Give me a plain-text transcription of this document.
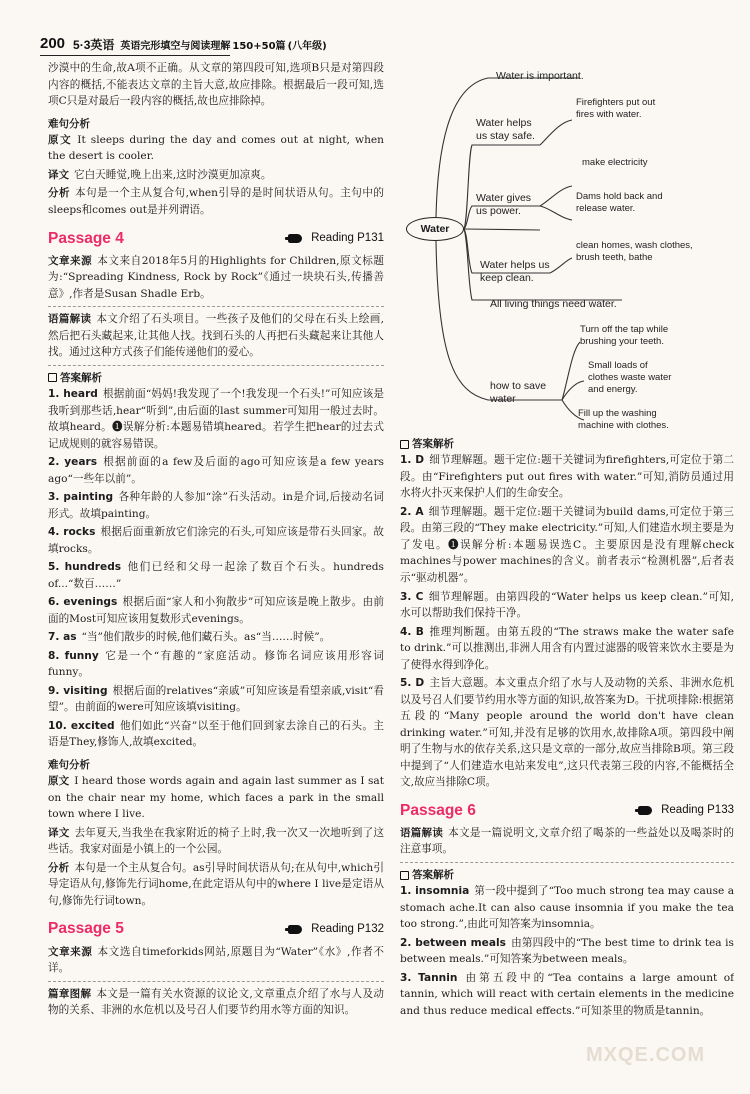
200 5·3英语 英语完形填空与阅读理解 150+50篇 (八年级)

沙漠中的生命,故A项不正确。从文章的第四段可知,选项B只是对第四段内容的概括,不能表达文章的主旨大意,故应排除。根据最后一段可知,选项C只是对最后一段内容的概括,故也应排除掉。

难句分析

原文 It sleeps during the day and comes out at night, when the desert is cooler.

译文 它白天睡觉,晚上出来,这时沙漠更加凉爽。

分析 本句是一个主从复合句,when引导的是时间状语从句。主句中的sleeps和comes out是并列谓语。

Passage 4	Reading P131

文章来源 本文来自2018年5月的Highlights for Children,原文标题为:“Spreading Kindness, Rock by Rock”《通过一块块石头,传播善意》,作者是Susan Shadle Erb。

语篇解读 本文介绍了石头项目。一些孩子及他们的父母在石头上绘画,然后把石头藏起来,让其他人找。找到石头的人再把石头藏起来让其他人找。通过这种方式孩子们能传递他们的爱心。

答案解析

1. heard 根据前面“妈妈!我发现了一个!我发现一个石头!”可知应该是我听到那些话,hear“听到”,由后面的last summer可知用一般过去时。故填heard。❶误解分析:本题易错填heared。若学生把hear的过去式记成规则的就容易错误。

2. years 根据前面的a few及后面的ago可知应该是a few years ago“一些年以前”。

3. painting 各种年龄的人参加“涂”石头活动。in是介词,后接动名词形式。故填painting。

4. rocks 根据后面重新放它们涂完的石头,可知应该是带石头回家。故填rocks。

5. hundreds 他们已经和父母一起涂了数百个石头。hundreds of...“数百……”

6. evenings 根据后面“家人和小狗散步”可知应该是晚上散步。由前面的Most可知应该用复数形式evenings。

7. as “当”他们散步的时候,他们藏石头。as“当……时候”。

8. funny 它是一个“有趣的”家庭活动。修饰名词应该用形容词funny。

9. visiting 根据后面的relatives“亲戚”可知应该是看望亲戚,visit“看望”。由前面的were可知应该填visiting。

10. excited 他们如此“兴奋”以至于他们回到家去涂自己的石头。主语是They,修饰人,故填excited。

难句分析

原文 I heard those words again and again last summer as I sat on the chair near my home, which faces a park in the small town where I live.

译文 去年夏天,当我坐在我家附近的椅子上时,我一次又一次地听到了这些话。我家对面是小镇上的一个公园。

分析 本句是一个主从复合句。as引导时间状语从句;在从句中,which引导定语从句,修饰先行词home,在此定语从句中的where I live是定语从句,修饰先行词town。

Passage 5	Reading P132

文章来源 本文选自timeforkids网站,原题目为“Water”《水》,作者不详。

篇章图解 本文是一篇有关水资源的议论文,文章重点介绍了水与人及动物的关系、非洲的水危机以及号召人们要节约用水等方面的知识。

Water
Water is important.
Water helps us stay safe.
Firefighters put out fires with water.
Water gives us power.
make electricity
Dams hold back and release water.
Water helps us keep clean.
clean homes, wash clothes, brush teeth, bathe
All living things need water.
how to save water
Turn off the tap while brushing your teeth.
Small loads of clothes waste water and energy.
Fill up the washing machine with clothes.
答案解析

1. D 细节理解题。题干定位:题干关键词为firefighters,可定位于第二段。由“Firefighters put out fires with water.”可知,消防员通过用水将火扑灭来保护人们的生命安全。

2. A 细节理解题。题干定位:题干关键词为build dams,可定位于第三段。由第三段的“They make electricity.”可知,人们建造水坝主要是为了发电。❶误解分析:本题易误选C。主要原因是没有理解check machines与power machines的含义。前者表示“检测机器”,后者表示“驱动机器”。

3. C 细节理解题。由第四段的“Water helps us keep clean.”可知,水可以帮助我们保持干净。

4. B 推理判断题。由第五段的“The straws make the water safe to drink.”可以推测出,非洲人用含有内置过滤器的吸管来饮水主要是为了使得水得到净化。

5. D 主旨大意题。本文重点介绍了水与人及动物的关系、非洲水危机以及号召人们要节约用水等方面的知识,故答案为D。干扰项排除:根据第五段的“Many people around the world don't have clean drinking water.”可知,并没有足够的饮用水,故排除A项。第四段中阐明了生物与水的依存关系,这只是文章的一部分,故应当排除B项。第三段中提到了“人们建造水电站来发电”,这只代表第三段的内容,不能概括全文,故应当排除C项。

Passage 6	Reading P133

语篇解读 本文是一篇说明文,文章介绍了喝茶的一些益处以及喝茶时的注意事项。

答案解析

1. insomnia 第一段中提到了“Too much strong tea may cause a stomach ache.It can also cause insomnia if you make the tea too strong.”,由此可知答案为insomnia。

2. between meals 由第四段中的“The best time to drink tea is between meals.”可知答案为between meals。

3. Tannin 由第五段中的“Tea contains a large amount of tannin, which will react with certain elements in the medicine and thus reduce medical effects.”可知茶里的物质是tannin。

MXQE.COM
